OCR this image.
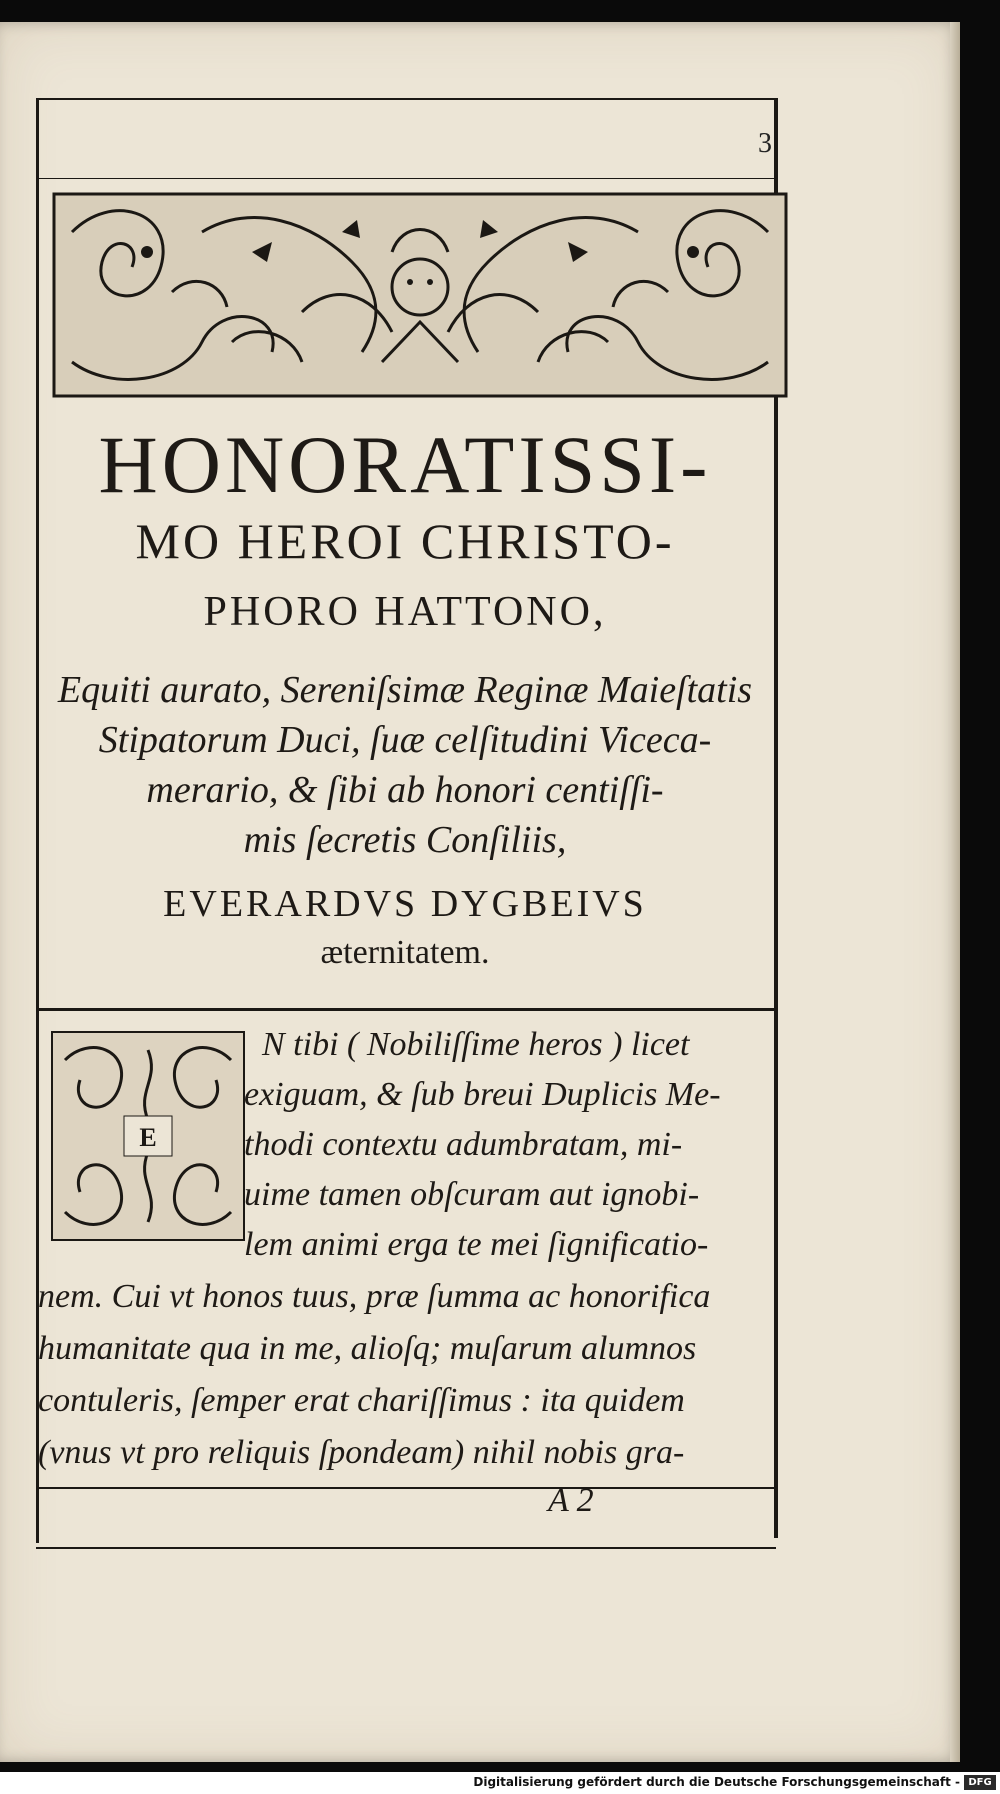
3
HONORATISSI-
MO HEROI CHRISTO-
PHORO HATTONO,
Equiti aurato, Sereniſsimæ Reginæ Maieſtatis
Stipatorum Duci, ſuæ celſitudini Viceca-
merario, & ſibi ab honori centiſſi-
mis ſecretis Conſiliis,
EVERARDVS DYGBEIVS
æternitatem.
E
N tibi ( Nobiliſſime heros ) licet
exiguam, & ſub breui Duplicis Me-
thodi contextu adumbratam, mi-
uime tamen obſcuram aut ignobi-
lem animi erga te mei ſignificatio-
nem. Cui vt honos tuus, præ ſumma ac honorifica
humanitate qua in me, alioſq; muſarum alumnos
contuleris, ſemper erat chariſſimus : ita quidem
(vnus vt pro reliquis ſpondeam) nihil nobis gra-
A 2
Digitalisierung gefördert durch die Deutsche Forschungsgemeinschaft - DFG
